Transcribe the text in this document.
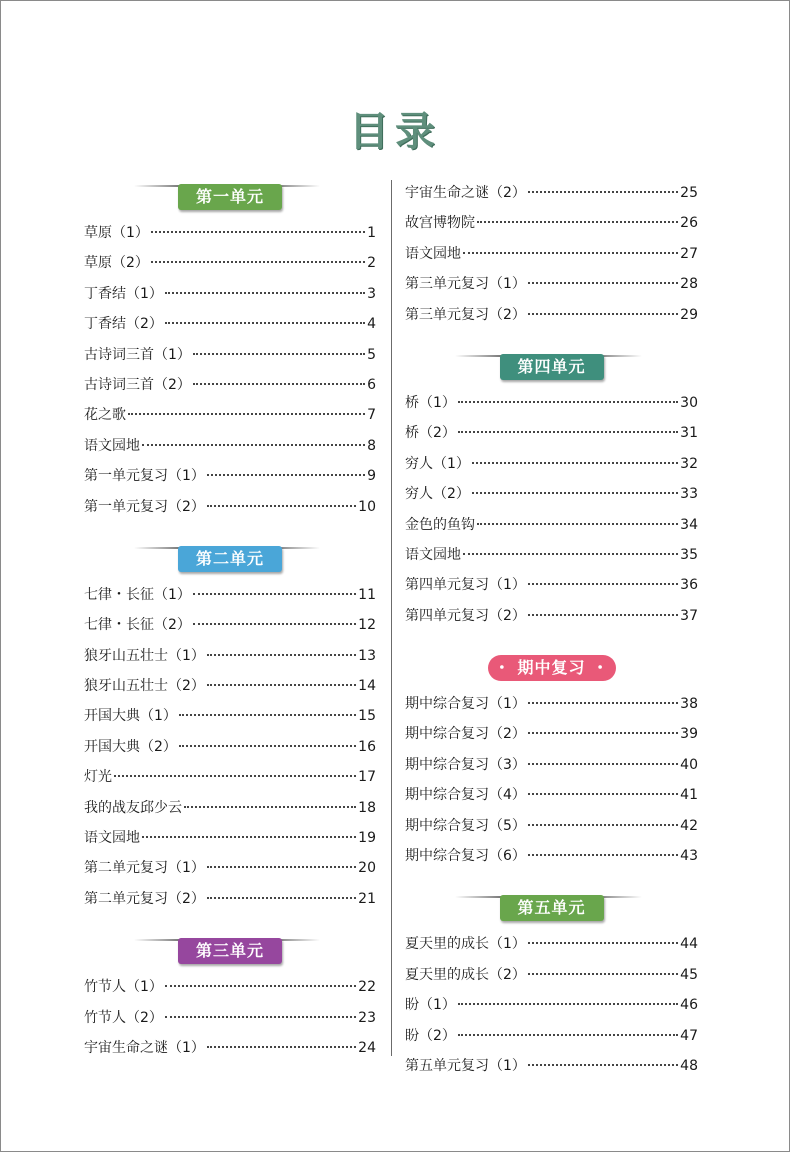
目录
第一单元
草原（1）	1
草原（2）	2
丁香结（1）	3
丁香结（2）	4
古诗词三首（1）	5
古诗词三首（2）	6
花之歌	7
语文园地	8
第一单元复习（1）	9
第一单元复习（2）	10
第二单元
七律・长征（1）	11
七律・长征（2）	12
狼牙山五壮士（1）	13
狼牙山五壮士（2）	14
开国大典（1）	15
开国大典（2）	16
灯光	17
我的战友邱少云	18
语文园地	19
第二单元复习（1）	20
第二单元复习（2）	21
第三单元
竹节人（1）	22
竹节人（2）	23
宇宙生命之谜（1）	24
宇宙生命之谜（2）	25
故宫博物院	26
语文园地	27
第三单元复习（1）	28
第三单元复习（2）	29
第四单元
桥（1）	30
桥（2）	31
穷人（1）	32
穷人（2）	33
金色的鱼钩	34
语文园地	35
第四单元复习（1）	36
第四单元复习（2）	37
・ 期中复习 ・
期中综合复习（1）	38
期中综合复习（2）	39
期中综合复习（3）	40
期中综合复习（4）	41
期中综合复习（5）	42
期中综合复习（6）	43
第五单元
夏天里的成长（1）	44
夏天里的成长（2）	45
盼（1）	46
盼（2）	47
第五单元复习（1）	48
